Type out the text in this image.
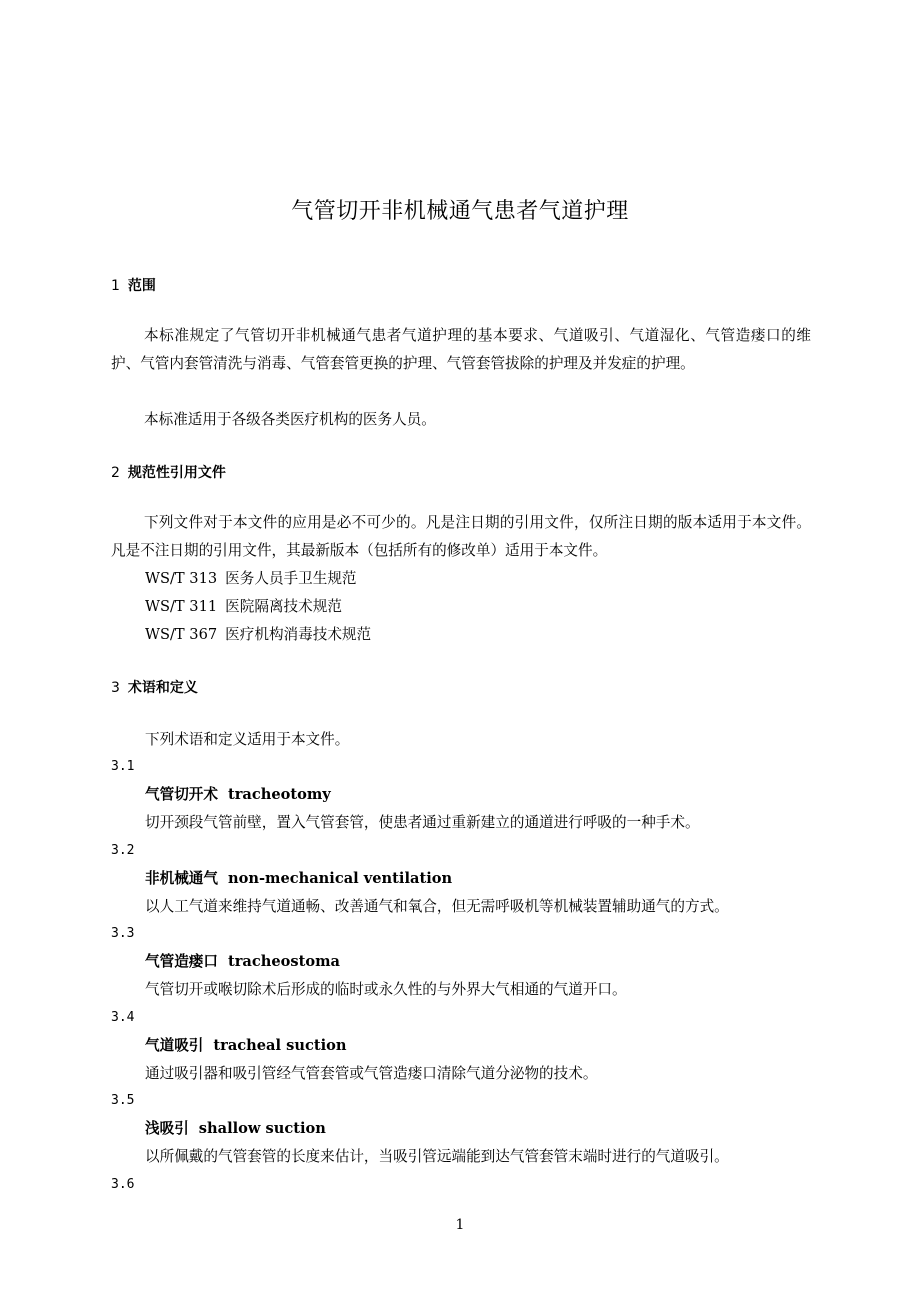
气管切开非机械通气患者气道护理
1 范围
本标准规定了气管切开非机械通气患者气道护理的基本要求、气道吸引、气道湿化、气管造瘘口的维护、气管内套管清洗与消毒、气管套管更换的护理、气管套管拔除的护理及并发症的护理。
本标准适用于各级各类医疗机构的医务人员。
2 规范性引用文件
下列文件对于本文件的应用是必不可少的。凡是注日期的引用文件，仅所注日期的版本适用于本文件。凡是不注日期的引用文件，其最新版本（包括所有的修改单）适用于本文件。
WS/T 313 医务人员手卫生规范
WS/T 311 医院隔离技术规范
WS/T 367 医疗机构消毒技术规范
3 术语和定义
下列术语和定义适用于本文件。
3.1
气管切开术 tracheotomy
切开颈段气管前壁，置入气管套管，使患者通过重新建立的通道进行呼吸的一种手术。
3.2
非机械通气 non-mechanical ventilation
以人工气道来维持气道通畅、改善通气和氧合，但无需呼吸机等机械装置辅助通气的方式。
3.3
气管造瘘口 tracheostoma
气管切开或喉切除术后形成的临时或永久性的与外界大气相通的气道开口。
3.4
气道吸引 tracheal suction
通过吸引器和吸引管经气管套管或气管造瘘口清除气道分泌物的技术。
3.5
浅吸引 shallow suction
以所佩戴的气管套管的长度来估计，当吸引管远端能到达气管套管末端时进行的气道吸引。
3.6
1
